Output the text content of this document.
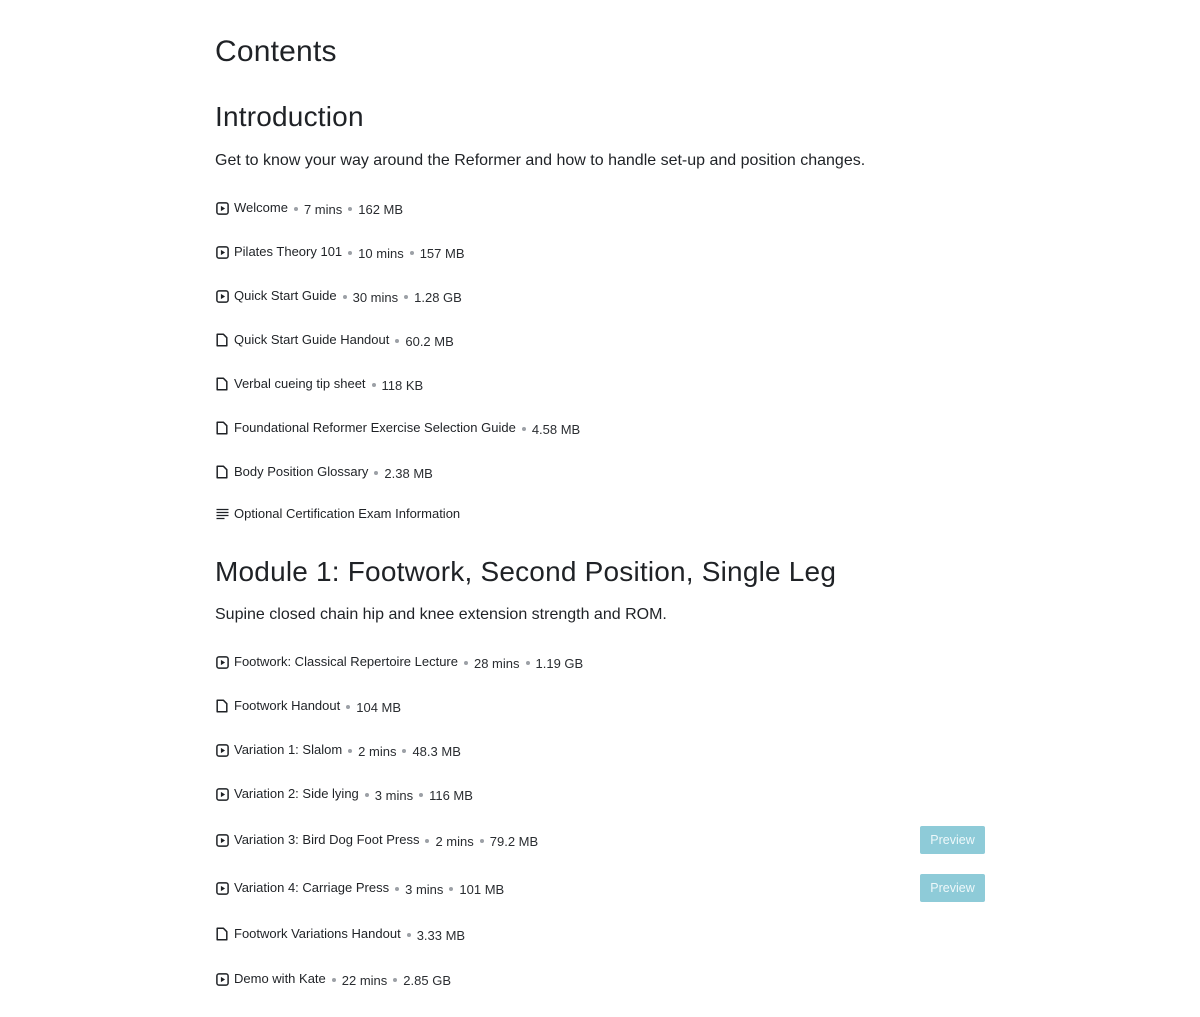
Contents
Introduction

Get to know your way around the Reformer and how to handle set-up and position changes.

Welcome 7 mins 162 MB
Pilates Theory 101 10 mins 157 MB
Quick Start Guide 30 mins 1.28 GB
Quick Start Guide Handout 60.2 MB
Verbal cueing tip sheet 118 KB
Foundational Reformer Exercise Selection Guide 4.58 MB
Body Position Glossary 2.38 MB
Optional Certification Exam Information
Module 1: Footwork, Second Position, Single Leg

Supine closed chain hip and knee extension strength and ROM.

Footwork: Classical Repertoire Lecture 28 mins 1.19 GB
Footwork Handout 104 MB
Variation 1: Slalom 2 mins 48.3 MB
Variation 2: Side lying 3 mins 116 MB
Variation 3: Bird Dog Foot Press 2 mins 79.2 MB	Preview
Variation 4: Carriage Press 3 mins 101 MB	Preview
Footwork Variations Handout 3.33 MB
Demo with Kate 22 mins 2.85 GB
